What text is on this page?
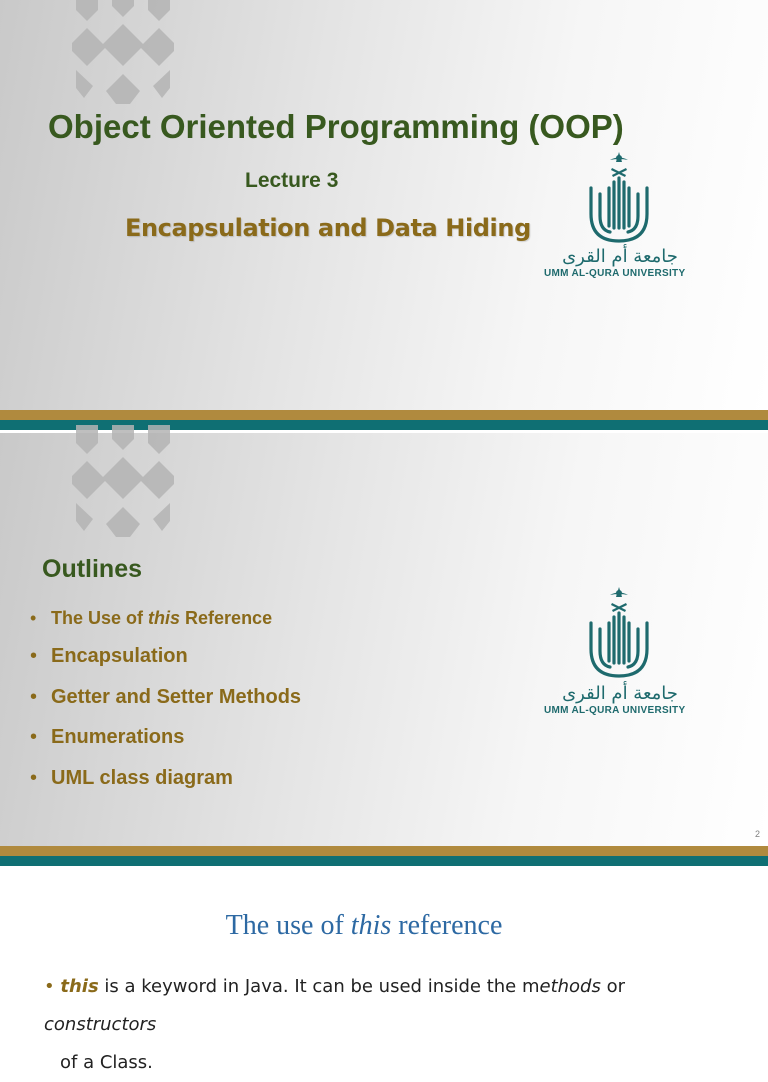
Object Oriented Programming (OOP)
Lecture 3
Encapsulation and Data Hiding
جامعة أم القرى
UMM AL-QURA UNIVERSITY
Outlines
• The Use of this Reference
• Encapsulation
• Getter and Setter Methods
• Enumerations
• UML class diagram
جامعة أم القرى
UMM AL-QURA UNIVERSITY
2
The use of this reference
• this is a keyword in Java. It can be used inside the methods or constructors
of a Class.
